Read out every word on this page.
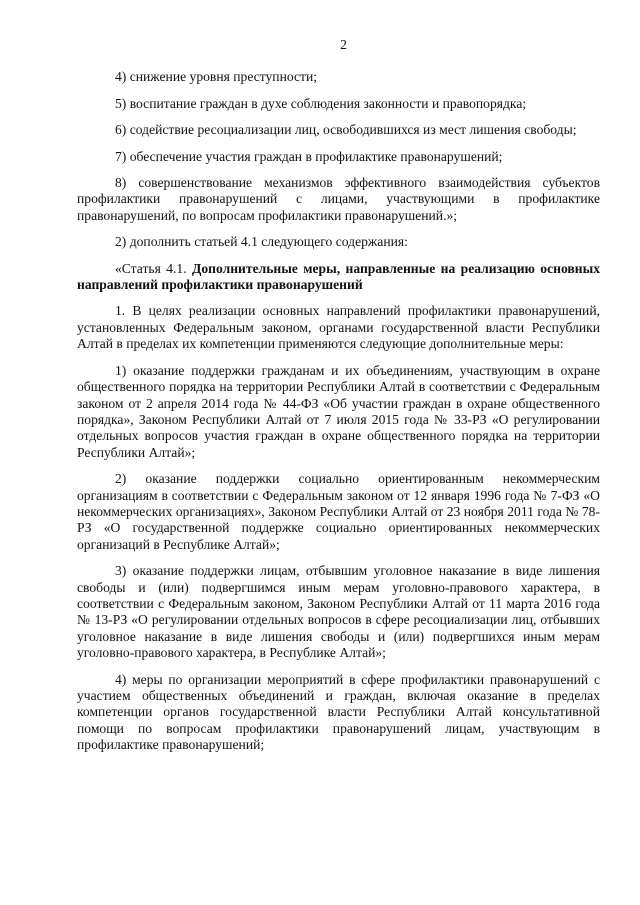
2

4) снижение уровня преступности;

5) воспитание граждан в духе соблюдения законности и правопорядка;

6) содействие ресоциализации лиц, освободившихся из мест лишения свободы;

7) обеспечение участия граждан в профилактике правонарушений;

8) совершенствование механизмов эффективного взаимодействия субъектов профилактики правонарушений с лицами, участвующими в профилактике правонарушений, по вопросам профилактики правонарушений.»;

2) дополнить статьей 4.1 следующего содержания:

«Статья 4.1. Дополнительные меры, направленные на реализацию основных направлений профилактики правонарушений

1. В целях реализации основных направлений профилактики правонарушений, установленных Федеральным законом, органами государственной власти Республики Алтай в пределах их компетенции применяются следующие дополнительные меры:

1) оказание поддержки гражданам и их объединениям, участвующим в охране общественного порядка на территории Республики Алтай в соответствии с Федеральным законом от 2 апреля 2014 года № 44-ФЗ «Об участии граждан в охране общественного порядка», Законом Республики Алтай от 7 июля 2015 года № 33-РЗ «О регулировании отдельных вопросов участия граждан в охране общественного порядка на территории Республики Алтай»;

2) оказание поддержки социально ориентированным некоммерческим организациям в соответствии с Федеральным законом от 12 января 1996 года № 7-ФЗ «О некоммерческих организациях», Законом Республики Алтай от 23 ноября 2011 года № 78-РЗ «О государственной поддержке социально ориентированных некоммерческих организаций в Республике Алтай»;

3) оказание поддержки лицам, отбывшим уголовное наказание в виде лишения свободы и (или) подвергшимся иным мерам уголовно-правового характера, в соответствии с Федеральным законом, Законом Республики Алтай от 11 марта 2016 года № 13-РЗ «О регулировании отдельных вопросов в сфере ресоциализации лиц, отбывших уголовное наказание в виде лишения свободы и (или) подвергшихся иным мерам уголовно-правового характера, в Республике Алтай»;

4) меры по организации мероприятий в сфере профилактики правонарушений с участием общественных объединений и граждан, включая оказание в пределах компетенции органов государственной власти Республики Алтай консультативной помощи по вопросам профилактики правонарушений лицам, участвующим в профилактике правонарушений;
